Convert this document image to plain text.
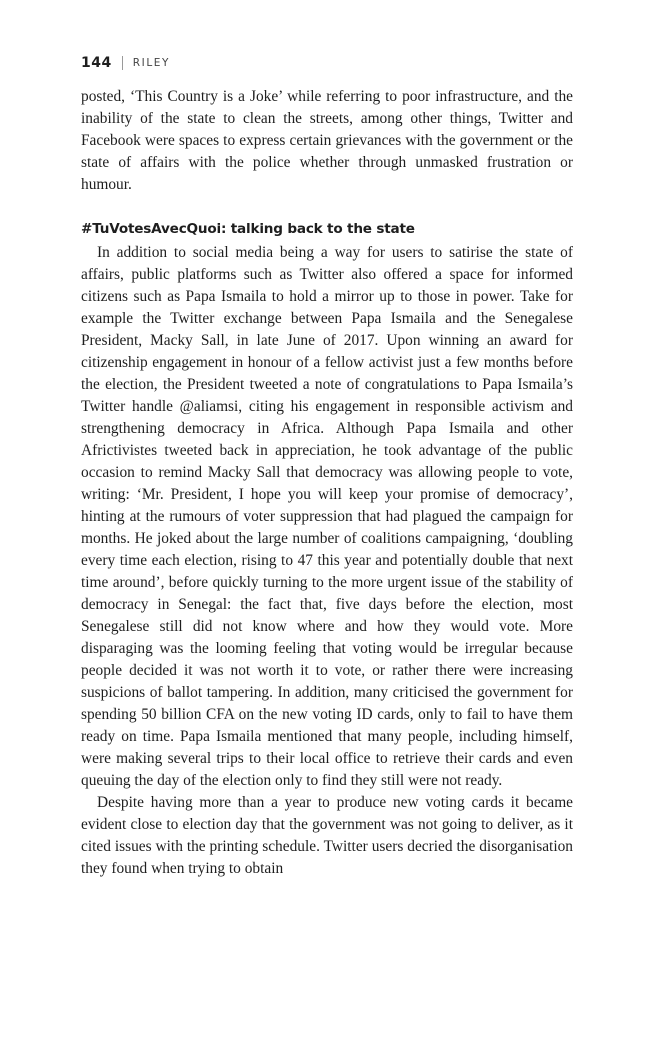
144 RILEY

posted, ‘This Country is a Joke’ while referring to poor infrastructure, and the inability of the state to clean the streets, among other things, Twitter and Facebook were spaces to express certain grievances with the government or the state of affairs with the police whether through unmasked frustration or humour.

#TuVotesAvecQuoi: talking back to the state

In addition to social media being a way for users to satirise the state of affairs, public platforms such as Twitter also offered a space for informed citizens such as Papa Ismaila to hold a mirror up to those in power. Take for example the Twitter exchange between Papa Ismaila and the Senegalese President, Macky Sall, in late June of 2017. Upon winning an award for citizenship engagement in honour of a fellow activist just a few months before the election, the President tweeted a note of congratulations to Papa Ismaila’s Twitter handle @aliamsi, citing his engagement in responsible activism and strengthening democracy in Africa. Although Papa Ismaila and other Africtivistes tweeted back in appreciation, he took advantage of the public occasion to remind Macky Sall that democracy was allowing people to vote, writing: ‘Mr. President, I hope you will keep your promise of democracy’, hinting at the rumours of voter suppression that had plagued the campaign for months. He joked about the large number of coalitions campaigning, ‘doubling every time each election, rising to 47 this year and potentially double that next time around’, before quickly turning to the more urgent issue of the stability of democracy in Senegal: the fact that, five days before the election, most Senegalese still did not know where and how they would vote. More disparaging was the looming feeling that voting would be irregular because people decided it was not worth it to vote, or rather there were increasing suspicions of ballot tampering. In addition, many criticised the government for spending 50 billion CFA on the new voting ID cards, only to fail to have them ready on time. Papa Ismaila mentioned that many people, including himself, were making several trips to their local office to retrieve their cards and even queuing the day of the election only to find they still were not ready.

Despite having more than a year to produce new voting cards it became evident close to election day that the government was not going to deliver, as it cited issues with the printing schedule. Twitter users decried the disorganisation they found when trying to obtain
